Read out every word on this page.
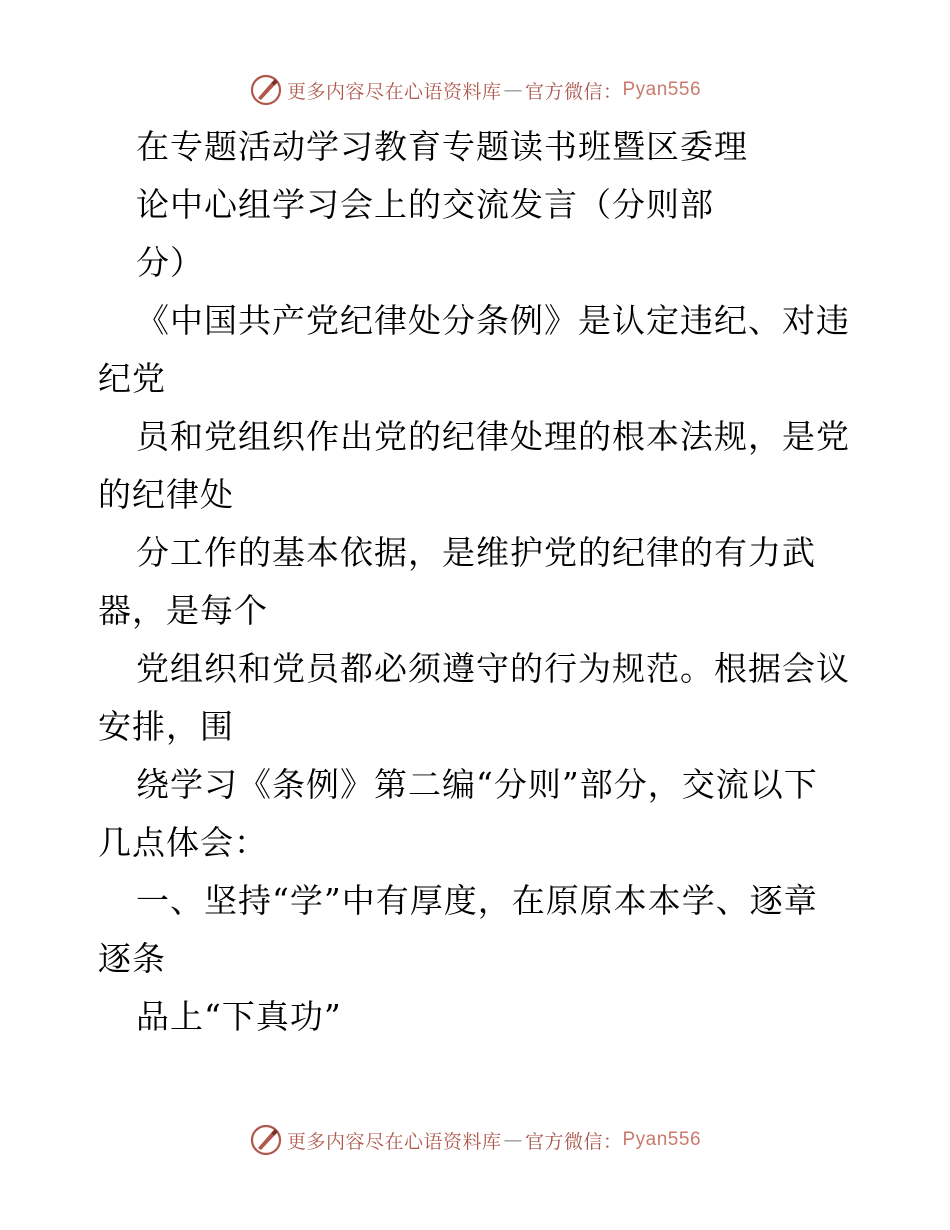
更多内容尽在心语资料库 — 官方微信： Pyan556
在专题活动学习教育专题读书班暨区委理
论中心组学习会上的交流发言（分则部
分）
《中国共产党纪律处分条例》是认定违纪、对违
纪党
员和党组织作出党的纪律处理的根本法规，是党
的纪律处
分工作的基本依据，是维护党的纪律的有力武
器，是每个
党组织和党员都必须遵守的行为规范。根据会议
安排，围
绕学习《条例》第二编“分则”部分，交流以下
几点体会：
一、坚持“学”中有厚度，在原原本本学、逐章
逐条
品上“下真功”
更多内容尽在心语资料库 — 官方微信： Pyan556
